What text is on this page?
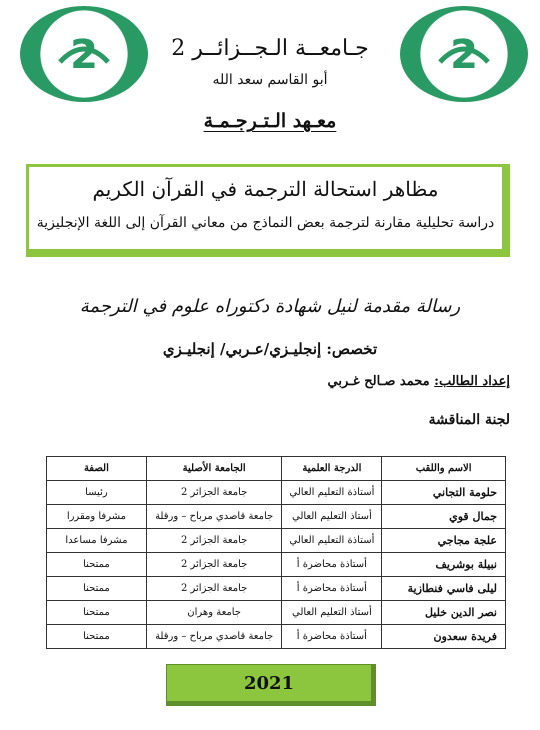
2
2	جـامعــة الـجــزائــر 2
أبو القاسم سعد الله
معـهد الـتـرجـمـة
مظاهر استحالة الترجمة في القرآن الكريم
دراسة تحليلية مقارنة لترجمة بعض النماذج من معاني القرآن إلى اللغة الإنجليزية
رسالة مقدمة لنيل شهادة دكتوراه علوم في الترجمة
تخصص: إنجليـزي/عـربي/ إنجليـزي
إعداد الطالب: محمد صـالح غـربي
لجنة المناقشة
الاسم واللقب	الدرجة العلمية	الجامعة الأصلية	الصفة
حلومة التجاني	أستاذة التعليم العالي	جامعة الجزائر 2	رئيسا
جمال قوي	أستاذ التعليم العالي	جامعة قاصدي مرباح – ورقلة	مشرفا ومقررا
علجة مجاجي	أستاذة التعليم العالي	جامعة الجزائر 2	مشرفا مساعدا
نبيلة بوشريف	أستاذة محاضرة أ	جامعة الجزائر 2	ممتحنا
ليلى فاسي فنطازية	أستاذة محاضرة أ	جامعة الجزائر 2	ممتحنا
نصر الدين خليل	أستاذ التعليم العالي	جامعة وهران	ممتحنا
فريدة سعدون	أستاذة محاضرة أ	جامعة قاصدي مرباح – ورقلة	ممتحنا
2021
